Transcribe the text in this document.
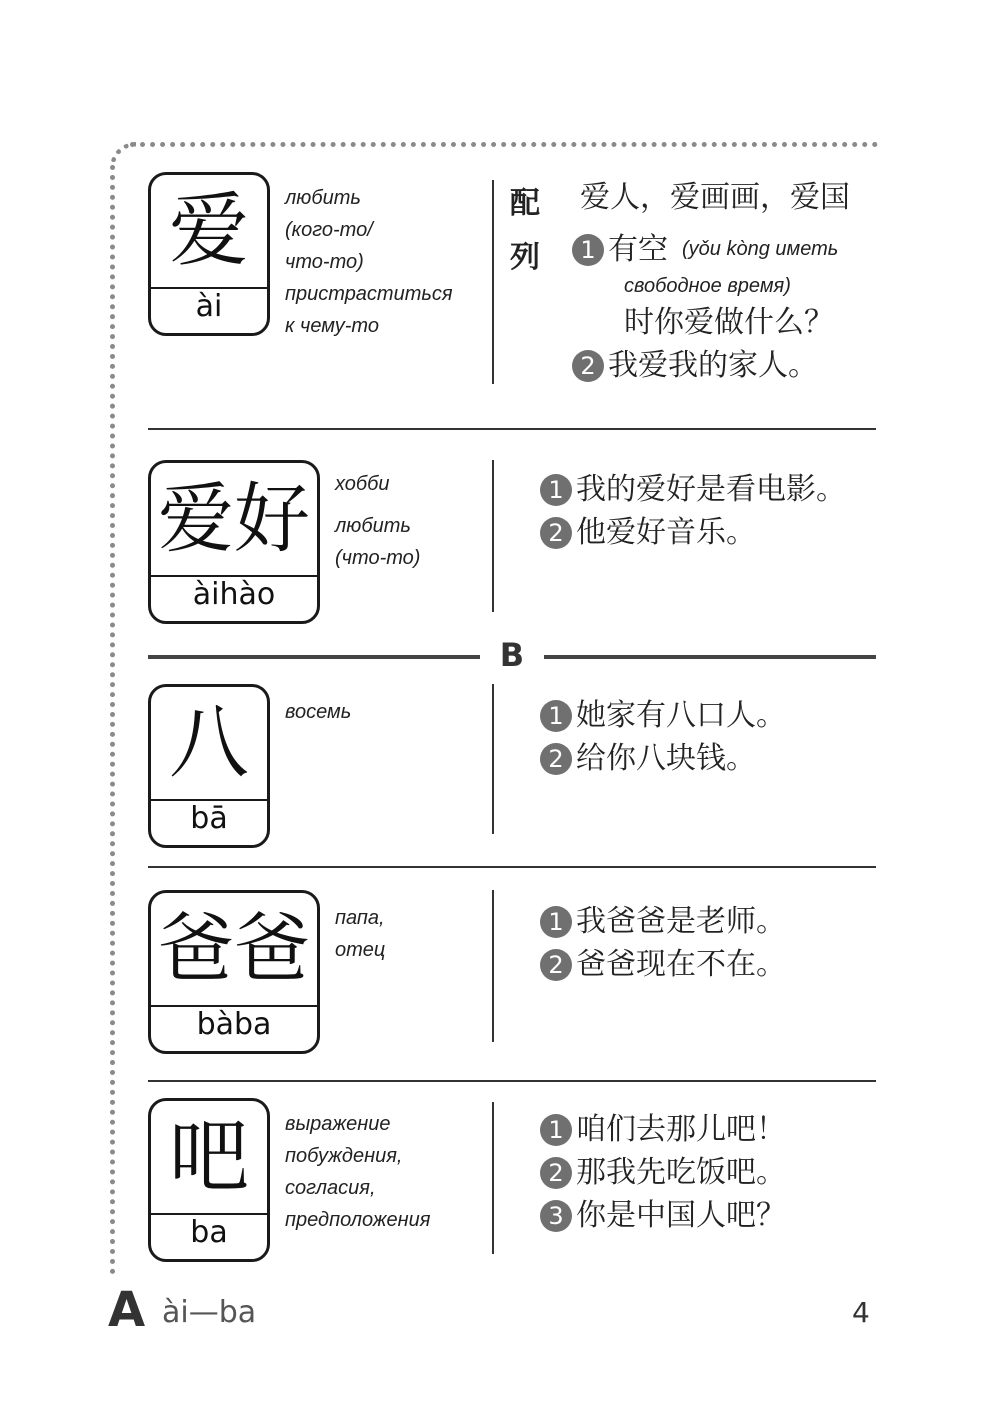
爱
ài
любить
(кого-то/
что-то)
пристраститься
к чему-то
配
列
爱人，爱画画，爱国
1 有空 (yǒu kòng иметь
свободное время)
时你爱做什么？
2 我爱我的家人。
爱好
àihào
хобби
любить
(что-то)
1 我的爱好是看电影。
2 他爱好音乐。
B
八
bā
восемь	1 她家有八口人。
2 给你八块钱。
爸爸
bàba
папа,
отец
1 我爸爸是老师。
2 爸爸现在不在。
吧
ba
выражение
побуждения,
согласия,
предположения
1 咱们去那儿吧！
2 那我先吃饭吧。
3 你是中国人吧？
A ài—ba	4
